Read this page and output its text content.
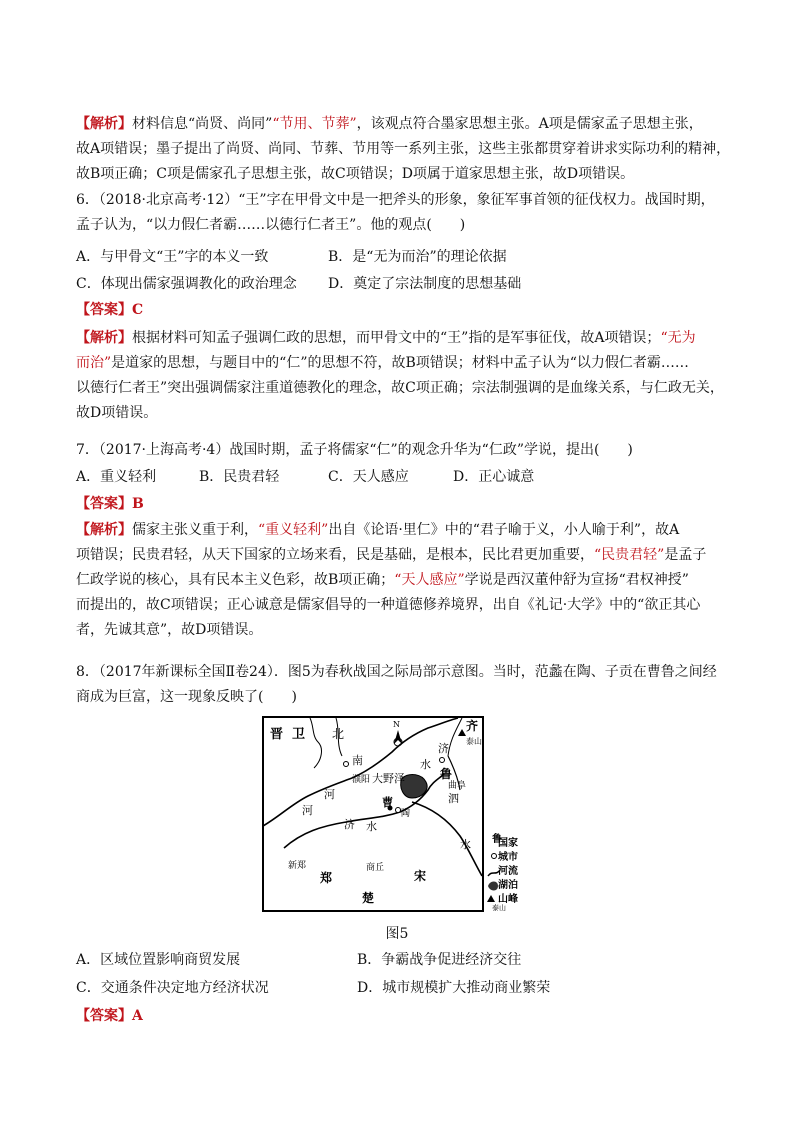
【解析】材料信息“尚贤、尚同”“节用、节葬”，该观点符合墨家思想主张。A项是儒家孟子思想主张，
故A项错误；墨子提出了尚贤、尚同、节葬、节用等一系列主张，这些主张都贯穿着讲求实际功利的精神，
故B项正确；C项是儒家孔子思想主张，故C项错误；D项属于道家思想主张，故D项错误。
6．（2018·北京高考·12）“王”字在甲骨文中是一把斧头的形象，象征军事首领的征伐权力。战国时期，
孟子认为，“以力假仁者霸……以德行仁者王”。他的观点(　　)
A．与甲骨文“王”字的本义一致	B．是“无为而治”的理论依据
C．体现出儒家强调教化的政治理念 D．奠定了宗法制度的思想基础
【答案】C
【解析】根据材料可知孟子强调仁政的思想，而甲骨文中的“王”指的是军事征伐，故A项错误；“无为
而治”是道家的思想，与题目中的“仁”的思想不符，故B项错误；材料中孟子认为“以力假仁者霸……
以德行仁者王”突出强调儒家注重道德教化的理念，故C项正确；宗法制强调的是血缘关系，与仁政无关，
故D项错误。
7．（2017·上海高考·4）战国时期，孟子将儒家“仁”的观念升华为“仁政”学说，提出(　　)
A．重义轻利	B．民贵君轻	C．天人感应	D．正心诚意
【答案】B
【解析】儒家主张义重于利，“重义轻利”出自《论语·里仁》中的“君子喻于义，小人喻于利”，故A
项错误；民贵君轻，从天下国家的立场来看，民是基础，是根本，民比君更加重要，“民贵君轻”是孟子
仁政学说的核心，具有民本主义色彩，故B项正确；“天人感应”学说是西汉董仲舒为宣扬“君权神授”
而提出的，故C项错误；正心诚意是儒家倡导的一种道德修养境界，出自《礼记·大学》中的“欲正其心
者，先诚其意”，故D项错误。
8．（2017年新课标全国Ⅱ卷24）．图5为春秋战国之际局部示意图。当时，范蠡在陶、子贡在曹鲁之间经
商成为巨富，这一现象反映了(　　)
晋 卫 北
南
河
河
濮阳 大野泽
水
水
水
济
济
齐
泰山
鲁
曲阜
泗
曹
陶
新郑
郑
商丘
宋
楚
N
国家
城市
河流
湖泊
山峰
鲁
泰山
图5
A．区域位置影响商贸发展	B．争霸战争促进经济交往
C．交通条件决定地方经济状况	D．城市规模扩大推动商业繁荣
【答案】A
